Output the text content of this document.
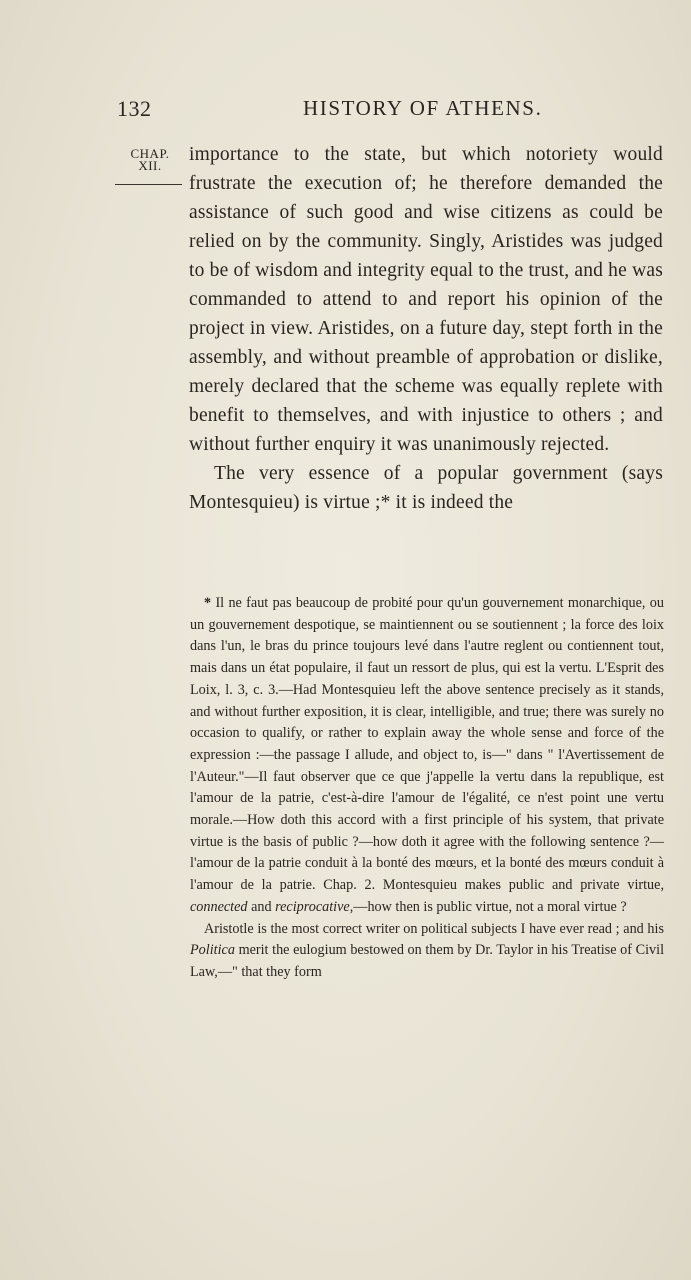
132	HISTORY OF ATHENS.
CHAP.
XII.

importance to the state, but which notoriety would frustrate the execution of; he therefore demanded the assistance of such good and wise citizens as could be relied on by the community. Singly, Aristides was judged to be of wisdom and integrity equal to the trust, and he was commanded to attend to and report his opinion of the project in view. Aristides, on a future day, stept forth in the assembly, and without preamble of approbation or dislike, merely declared that the scheme was equally replete with benefit to themselves, and with injustice to others ; and without further enquiry it was unanimously rejected.

The very essence of a popular government (says Montesquieu) is virtue ;* it is indeed the

* Il ne faut pas beaucoup de probité pour qu'un gouvernement monarchique, ou un gouvernement despotique, se maintiennent ou se soutiennent ; la force des loix dans l'un, le bras du prince toujours levé dans l'autre reglent ou contiennent tout, mais dans un état populaire, il faut un ressort de plus, qui est la vertu. L'Esprit des Loix, l. 3, c. 3.—Had Montesquieu left the above sentence precisely as it stands, and without further exposition, it is clear, intelligible, and true; there was surely no occasion to qualify, or rather to explain away the whole sense and force of the expression :—the passage I allude, and object to, is—" dans " l'Avertissement de l'Auteur."—Il faut observer que ce que j'appelle la vertu dans la republique, est l'amour de la patrie, c'est-à-dire l'amour de l'égalité, ce n'est point une vertu morale.—How doth this accord with a first principle of his system, that private virtue is the basis of public ?—how doth it agree with the following sentence ?—l'amour de la patrie conduit à la bonté des mœurs, et la bonté des mœurs conduit à l'amour de la patrie. Chap. 2. Montesquieu makes public and private virtue, connected and reciprocative,—how then is public virtue, not a moral virtue ?

Aristotle is the most correct writer on political subjects I have ever read ; and his Politica merit the eulogium bestowed on them by Dr. Taylor in his Treatise of Civil Law,—" that they form
